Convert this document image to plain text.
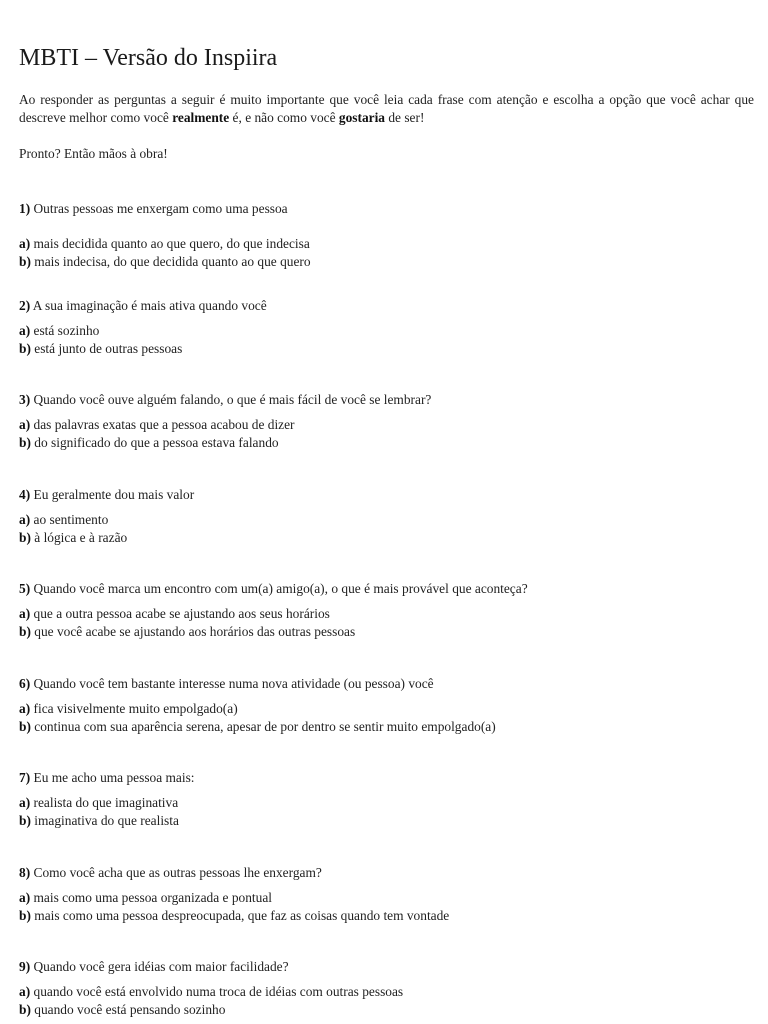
MBTI – Versão do Inspiira
Ao responder as perguntas a seguir é muito importante que você leia cada frase com atenção e escolha a opção que você achar que descreve melhor como você realmente é, e não como você gostaria de ser!
Pronto? Então mãos à obra!
1) Outras pessoas me enxergam como uma pessoa
a) mais decidida quanto ao que quero, do que indecisa
b) mais indecisa, do que decidida quanto ao que quero
2) A sua imaginação é mais ativa quando você
a) está sozinho
b) está junto de outras pessoas
3) Quando você ouve alguém falando, o que é mais fácil de você se lembrar?
a) das palavras exatas que a pessoa acabou de dizer
b) do significado do que a pessoa estava falando
4) Eu geralmente dou mais valor
a) ao sentimento
b) à lógica e à razão
5) Quando você marca um encontro com um(a) amigo(a), o que é mais provável que aconteça?
a) que a outra pessoa acabe se ajustando aos seus horários
b) que você acabe se ajustando aos horários das outras pessoas
6) Quando você tem bastante interesse numa nova atividade (ou pessoa) você
a) fica visivelmente muito empolgado(a)
b) continua com sua aparência serena, apesar de por dentro se sentir muito empolgado(a)
7) Eu me acho uma pessoa mais:
a) realista do que imaginativa
b) imaginativa do que realista
8) Como você acha que as outras pessoas lhe enxergam?
a) mais como uma pessoa organizada e pontual
b) mais como uma pessoa despreocupada, que faz as coisas quando tem vontade
9) Quando você gera idéias com maior facilidade?
a) quando você está envolvido numa troca de idéias com outras pessoas
b) quando você está pensando sozinho
